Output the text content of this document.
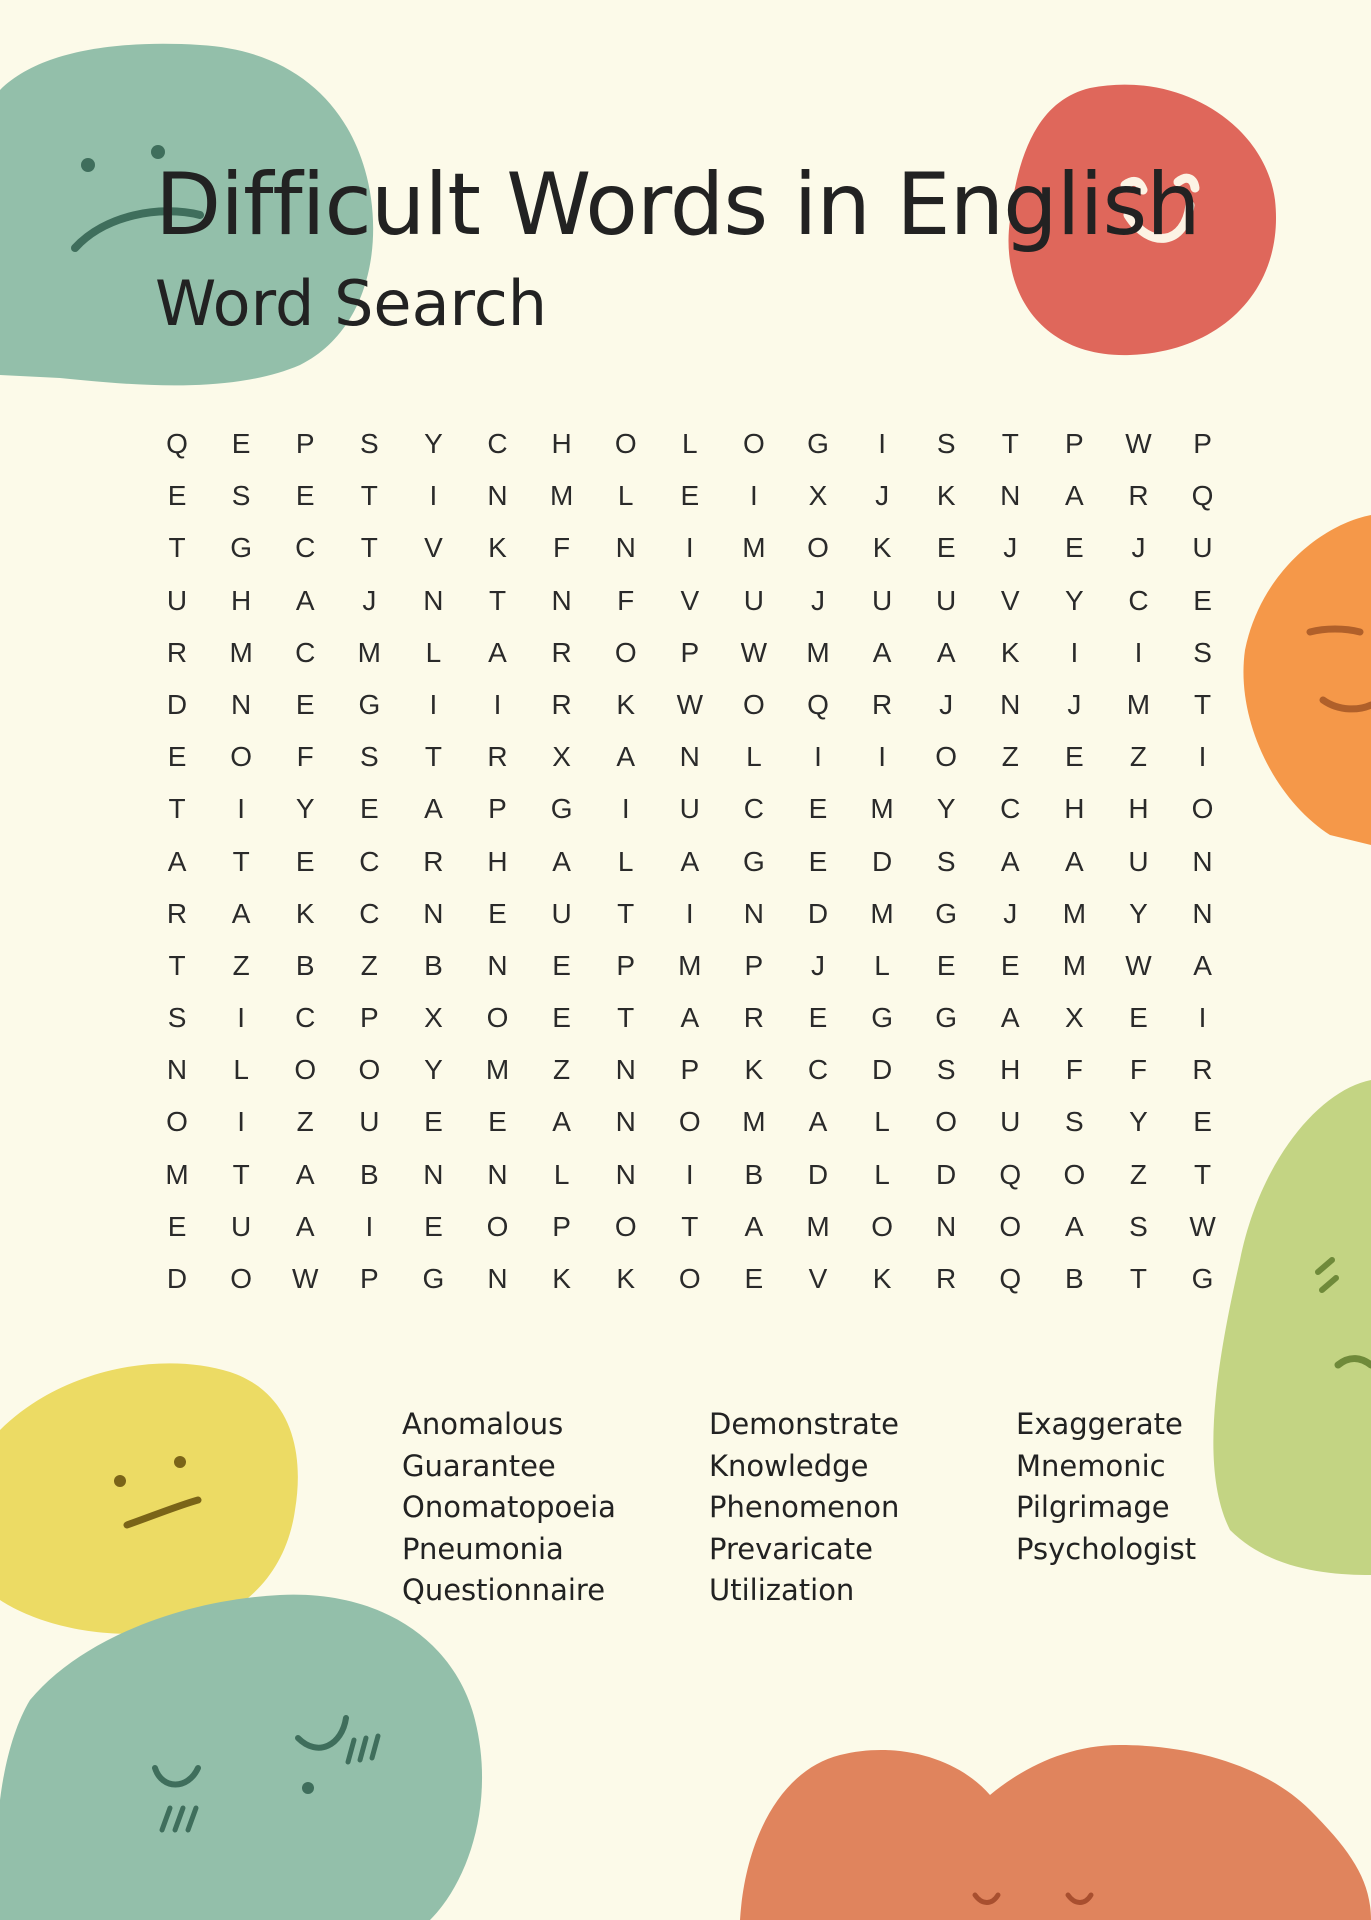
Difficult Words in English
Word Search
Q	E	P	S	Y	C	H	O	L	O	G	I	S	T	P	W	P
E	S	E	T	I	N	M	L	E	I	X	J	K	N	A	R	Q
T	G	C	T	V	K	F	N	I	M	O	K	E	J	E	J	U
U	H	A	J	N	T	N	F	V	U	J	U	U	V	Y	C	E
R	M	C	M	L	A	R	O	P	W	M	A	A	K	I	I	S
D	N	E	G	I	I	R	K	W	O	Q	R	J	N	J	M	T
E	O	F	S	T	R	X	A	N	L	I	I	O	Z	E	Z	I
T	I	Y	E	A	P	G	I	U	C	E	M	Y	C	H	H	O
A	T	E	C	R	H	A	L	A	G	E	D	S	A	A	U	N
R	A	K	C	N	E	U	T	I	N	D	M	G	J	M	Y	N
T	Z	B	Z	B	N	E	P	M	P	J	L	E	E	M	W	A
S	I	C	P	X	O	E	T	A	R	E	G	G	A	X	E	I
N	L	O	O	Y	M	Z	N	P	K	C	D	S	H	F	F	R
O	I	Z	U	E	E	A	N	O	M	A	L	O	U	S	Y	E
M	T	A	B	N	N	L	N	I	B	D	L	D	Q	O	Z	T
E	U	A	I	E	O	P	O	T	A	M	O	N	O	A	S	W
D	O	W	P	G	N	K	K	O	E	V	K	R	Q	B	T	G
Anomalous
Guarantee
Onomatopoeia
Pneumonia
Questionnaire
Demonstrate
Knowledge
Phenomenon
Prevaricate
Utilization
Exaggerate
Mnemonic
Pilgrimage
Psychologist
